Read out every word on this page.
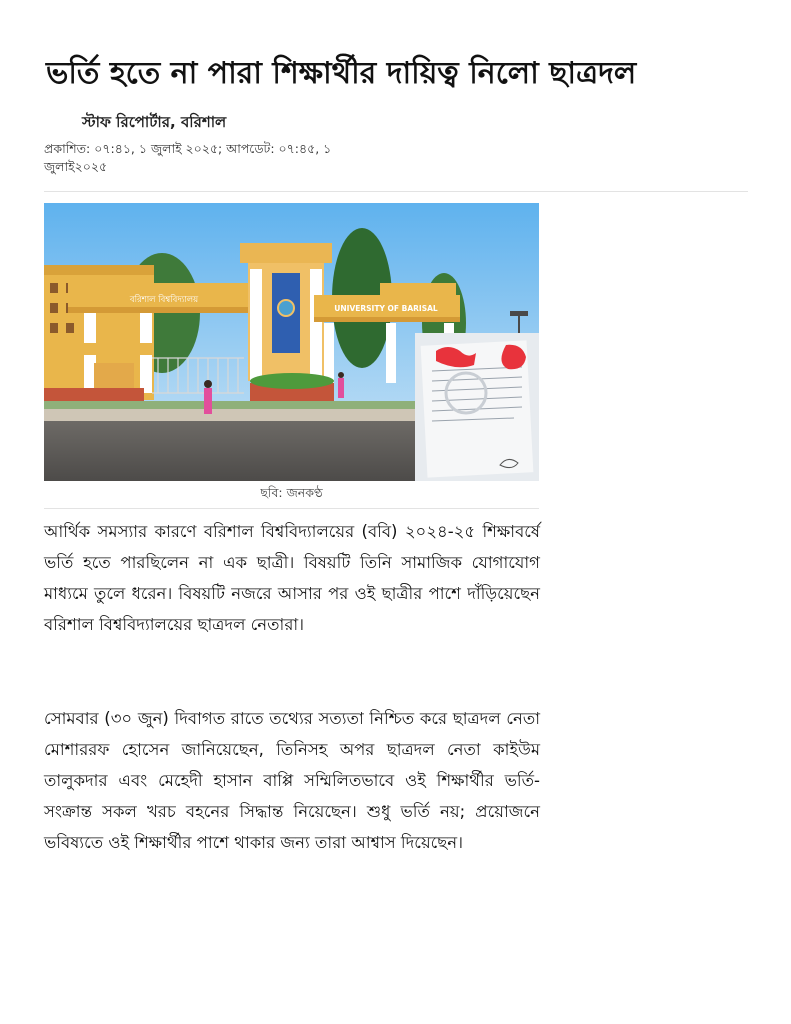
ভর্তি হতে না পারা শিক্ষার্থীর দায়িত্ব নিলো ছাত্রদল
স্টাফ রিপোর্টার, বরিশাল
প্রকাশিত: ০৭:৪১, ১ জুলাই ২০২৫; আপডেট: ০৭:৪৫, ১ জুলাই২০২৫
বরিশাল বিশ্ববিদ্যালয়
UNIVERSITY OF BARISAL
ছবি: জনকণ্ঠ

আর্থিক সমস্যার কারণে বরিশাল বিশ্ববিদ্যালয়ের (ববি) ২০২৪-২৫ শিক্ষাবর্ষে ভর্তি হতে পারছিলেন না এক ছাত্রী। বিষয়টি তিনি সামাজিক যোগাযোগ মাধ্যমে তুলে ধরেন। বিষয়টি নজরে আসার পর ওই ছাত্রীর পাশে দাঁড়িয়েছেন বরিশাল বিশ্ববিদ্যালয়ের ছাত্রদল নেতারা।

সোমবার (৩০ জুন) দিবাগত রাতে তথ্যের সত্যতা নিশ্চিত করে ছাত্রদল নেতা মোশাররফ হোসেন জানিয়েছেন, তিনিসহ অপর ছাত্রদল নেতা কাইউম তালুকদার এবং মেহেদী হাসান বাপ্পি সম্মিলিতভাবে ওই শিক্ষার্থীর ভর্তি-সংক্রান্ত সকল খরচ বহনের সিদ্ধান্ত নিয়েছেন। শুধু ভর্তি নয়; প্রয়োজনে ভবিষ্যতে ওই শিক্ষার্থীর পাশে থাকার জন্য তারা আশ্বাস দিয়েছেন।
